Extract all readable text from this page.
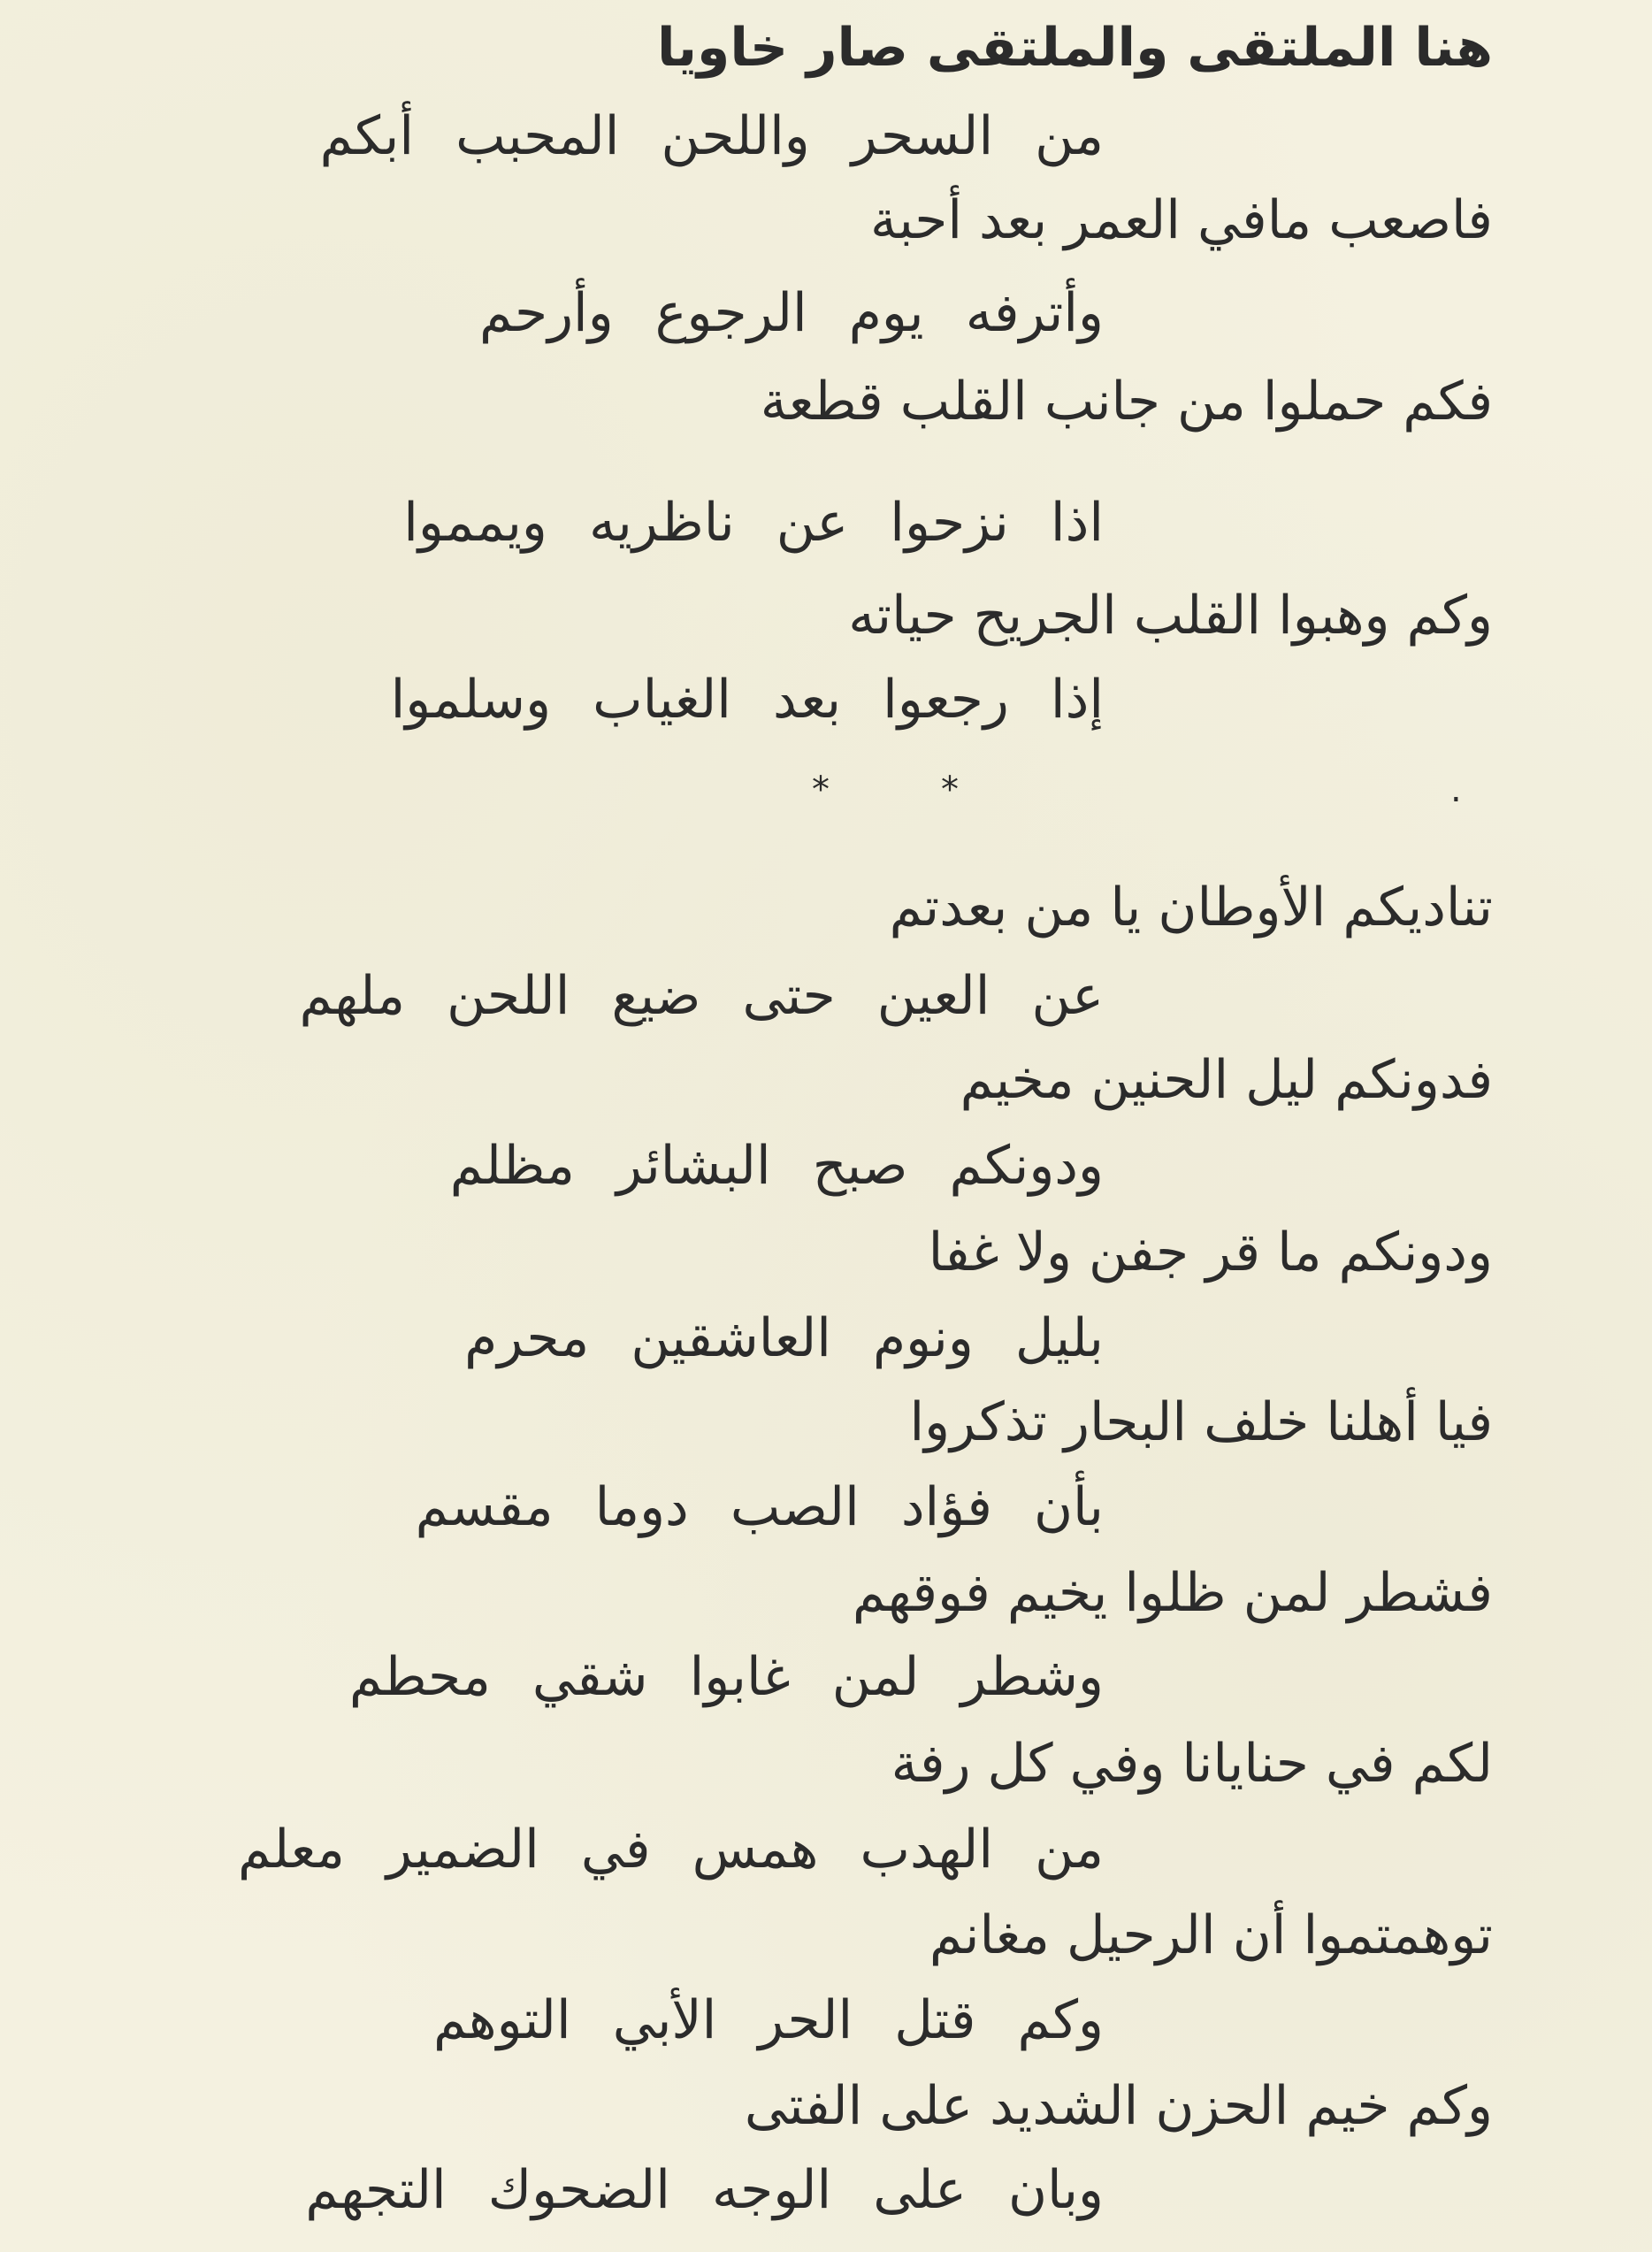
هنا الملتقى والملتقى صار خاويا
من السحر واللحن المحبب أبكم
فاصعب مافي العمر بعد أحبة
وأترفه يوم الرجوع وأرحم
فكم حملوا من جانب القلب قطعة
اذا نزحوا عن ناظريه ويمموا
وكم وهبوا القلب الجريح حياته
إذا رجعوا بعد الغياب وسلموا
*	*	.
تناديكم الأوطان يا من بعدتم
عن العين حتى ضيع اللحن ملهم
فدونكم ليل الحنين مخيم
ودونكم صبح البشائر مظلم
ودونكم ما قر جفن ولا غفا
بليل ونوم العاشقين محرم
فيا أهلنا خلف البحار تذكروا
بأن فؤاد الصب دوما مقسم
فشطر لمن ظلوا يخيم فوقهم
وشطر لمن غابوا شقي محطم
لكم في حنايانا وفي كل رفة
من الهدب همس في الضمير معلم
توهمتموا أن الرحيل مغانم
وكم قتل الحر الأبي التوهم
وكم خيم الحزن الشديد على الفتى
وبان على الوجه الضحوك التجهم
